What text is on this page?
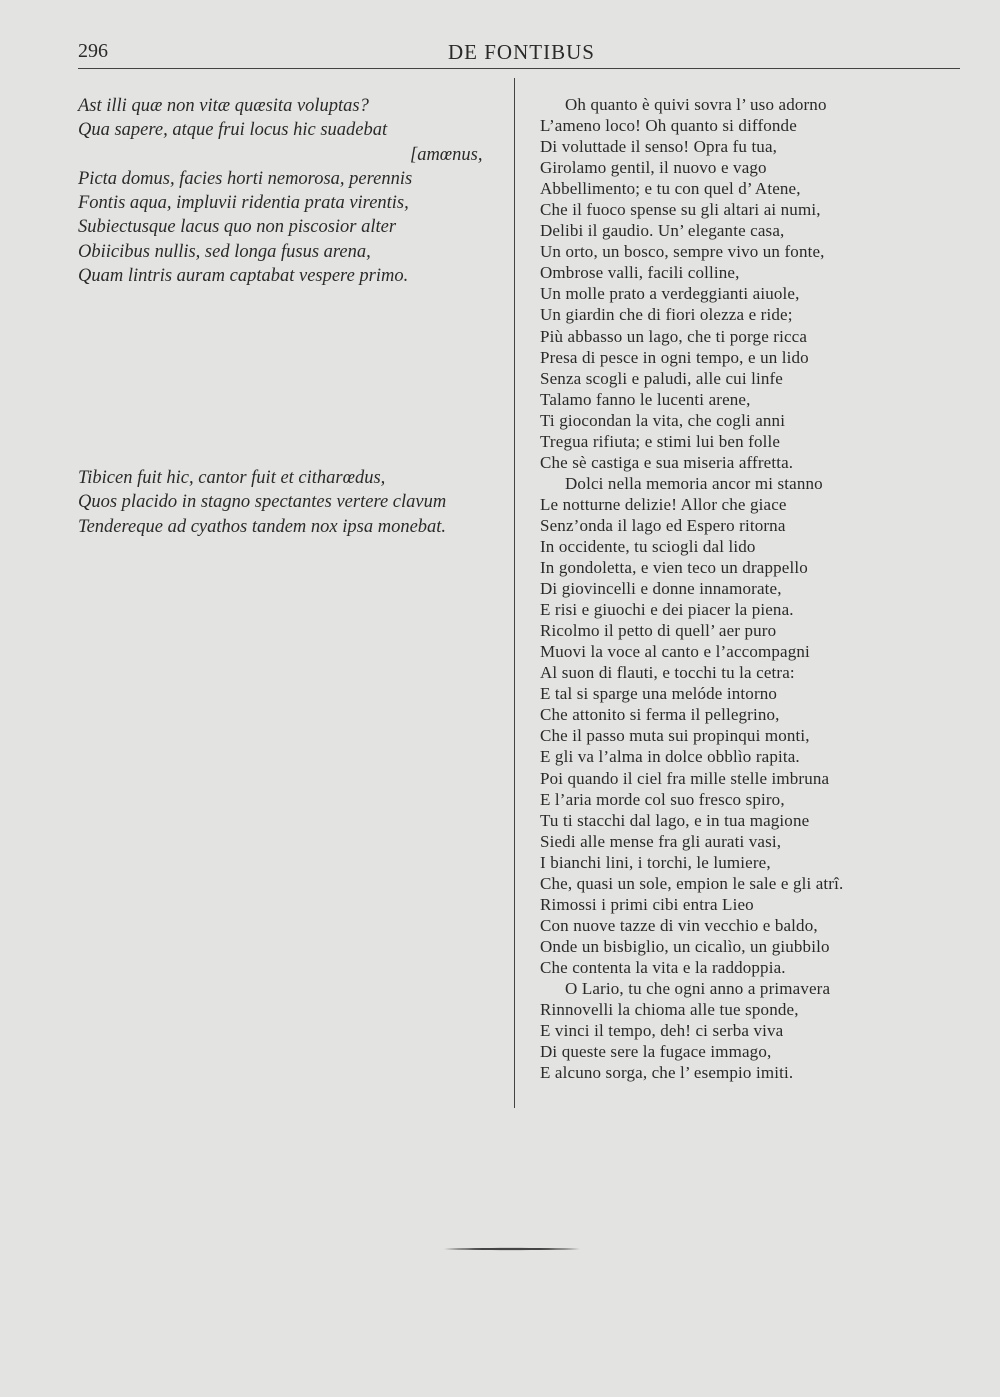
296	DE FONTIBUS
Ast illi quæ non vitæ quæsita voluptas?
Qua sapere, atque frui locus hic suadebat
[amœnus,
Picta domus, facies horti nemorosa, perennis
Fontis aqua, impluvii ridentia prata virentis,
Subiectusque lacus quo non piscosior alter
Obiicibus nullis, sed longa fusus arena,
Quam lintris auram captabat vespere primo.
Tibicen fuit hic, cantor fuit et citharœdus,
Quos placido in stagno spectantes vertere clavum
Tendereque ad cyathos tandem nox ipsa monebat.
Oh quanto è quivi sovra l’ uso adorno
L’ameno loco! Oh quanto si diffonde
Di voluttade il senso! Opra fu tua,
Girolamo gentil, il nuovo e vago
Abbellimento; e tu con quel d’ Atene,
Che il fuoco spense su gli altari ai numi,
Delibi il gaudio. Un’ elegante casa,
Un orto, un bosco, sempre vivo un fonte,
Ombrose valli, facili colline,
Un molle prato a verdeggianti aiuole,
Un giardin che di fiori olezza e ride;
Più abbasso un lago, che ti porge ricca
Presa di pesce in ogni tempo, e un lido
Senza scogli e paludi, alle cui linfe
Talamo fanno le lucenti arene,
Ti giocondan la vita, che cogli anni
Tregua rifiuta; e stimi lui ben folle
Che sè castiga e sua miseria affretta.
Dolci nella memoria ancor mi stanno
Le notturne delizie! Allor che giace
Senz’onda il lago ed Espero ritorna
In occidente, tu sciogli dal lido
In gondoletta, e vien teco un drappello
Di giovincelli e donne innamorate,
E risi e giuochi e dei piacer la piena.
Ricolmo il petto di quell’ aer puro
Muovi la voce al canto e l’accompagni
Al suon di flauti, e tocchi tu la cetra:
E tal si sparge una melóde intorno
Che attonito si ferma il pellegrino,
Che il passo muta sui propinqui monti,
E gli va l’alma in dolce obblìo rapita.
Poi quando il ciel fra mille stelle imbruna
E l’aria morde col suo fresco spiro,
Tu ti stacchi dal lago, e in tua magione
Siedi alle mense fra gli aurati vasi,
I bianchi lini, i torchi, le lumiere,
Che, quasi un sole, empion le sale e gli atrî.
Rimossi i primi cibi entra Lieo
Con nuove tazze di vin vecchio e baldo,
Onde un bisbiglio, un cicalìo, un giubbilo
Che contenta la vita e la raddoppia.
O Lario, tu che ogni anno a primavera
Rinnovelli la chioma alle tue sponde,
E vinci il tempo, deh! ci serba viva
Di queste sere la fugace immago,
E alcuno sorga, che l’ esempio imiti.
